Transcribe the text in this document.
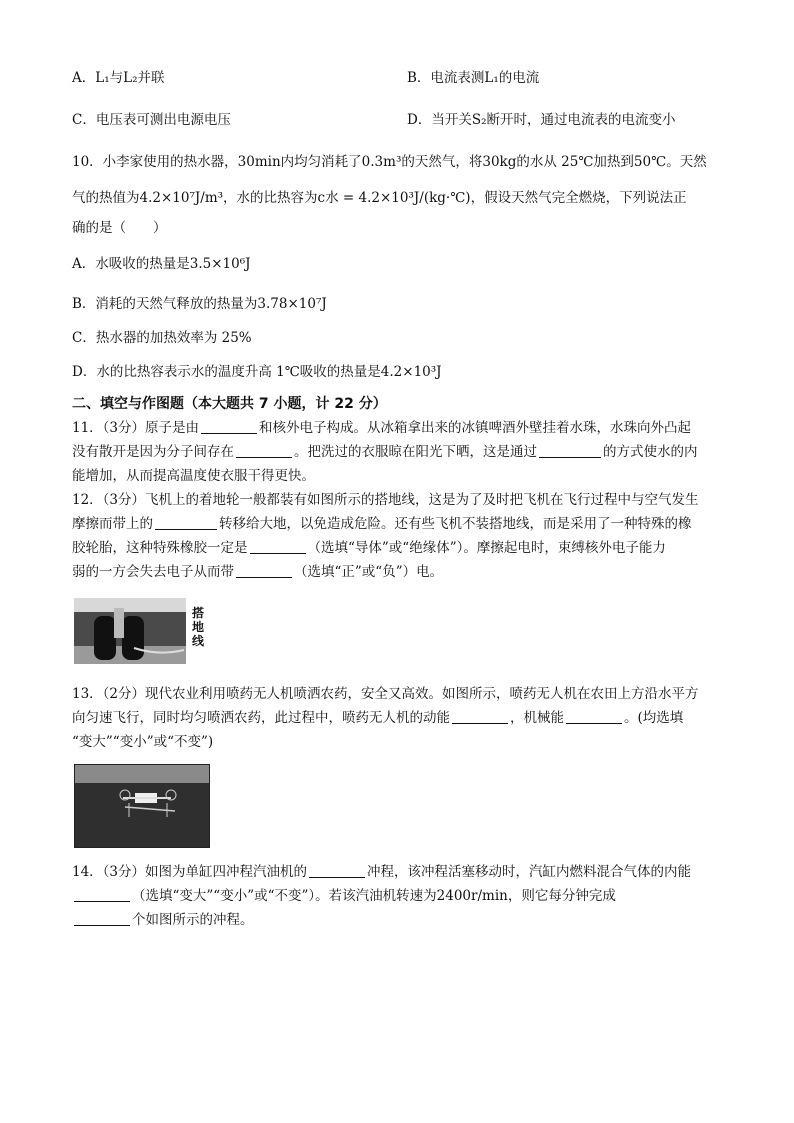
A．L₁与L₂并联	B．电流表测L₁的电流
C．电压表可测出电源电压	D．当开关S₂断开时，通过电流表的电流变小

10．小李家使用的热水器，30min内均匀消耗了0.3m³的天然气，将30kg的水从 25℃加热到50℃。天然

气的热值为4.2×10⁷J/m³，水的比热容为c水 = 4.2×10³J/(kg·℃)，假设天然气完全燃烧，下列说法正

确的是（　　）

A．水吸收的热量是3.5×10⁶J

B．消耗的天然气释放的热量为3.78×10⁷J

C．热水器的加热效率为 25%

D．水的比热容表示水的温度升高 1℃吸收的热量是4.2×10³J

二、填空与作图题（本大题共 7 小题，计 22 分）

11．（3分）原子是由	和核外电子构成。从冰箱拿出来的冰镇啤酒外壁挂着水珠，水珠向外凸起

没有散开是因为分子间存在	。把洗过的衣服晾在阳光下晒，这是通过	的方式使水的内

能增加，从而提高温度使衣服干得更快。

12．（3分）飞机上的着地轮一般都装有如图所示的搭地线，这是为了及时把飞机在飞行过程中与空气发生

摩擦而带上的	转移给大地，以免造成危险。还有些飞机不装搭地线，而是采用了一种特殊的橡

胶轮胎，这种特殊橡胶一定是	（选填“导体”或“绝缘体”）。摩擦起电时，束缚核外电子能力

弱的一方会失去电子从而带	（选填“正”或“负”）电。

搭地线

13．（2分）现代农业利用喷药无人机喷洒农药，安全又高效。如图所示，喷药无人机在农田上方沿水平方

向匀速飞行，同时均匀喷洒农药，此过程中，喷药无人机的动能	，机械能	。(均选填

“变大”“变小”或“不变”)

14．（3分）如图为单缸四冲程汽油机的	冲程，该冲程活塞移动时，汽缸内燃料混合气体的内能

（选填“变大”“变小”或“不变”）。若该汽油机转速为2400r/min，则它每分钟完成

个如图所示的冲程。
